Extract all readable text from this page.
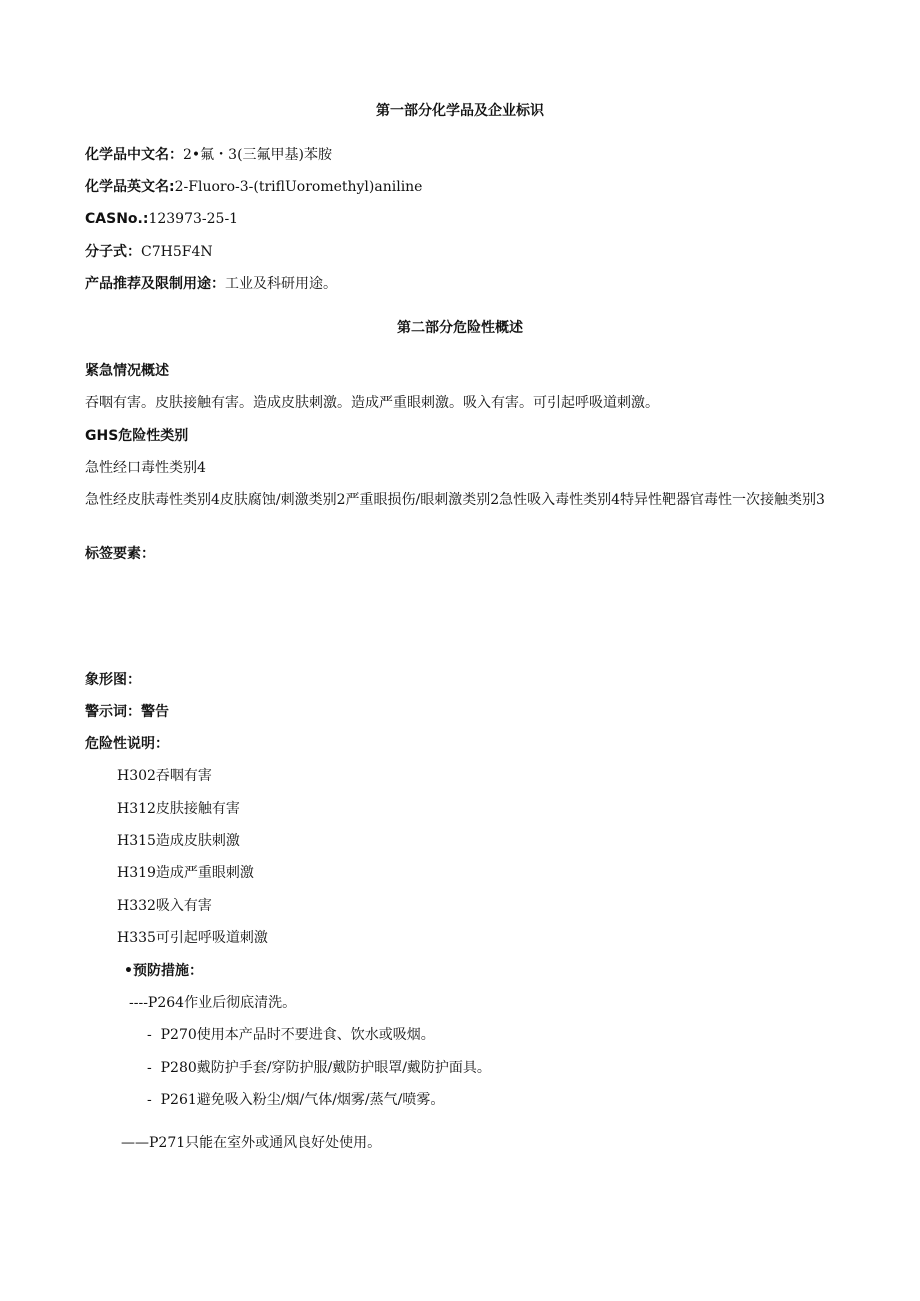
第一部分化学品及企业标识
化学品中文名：2•氟・3(三氟甲基)苯胺
化学品英文名:2-Fluoro-3-(triflUoromethyl)aniline
CASNo.:123973-25-1
分子式：C7H5F4N
产品推荐及限制用途：工业及科研用途。
第二部分危险性概述
紧急情况概述
吞咽有害。皮肤接触有害。造成皮肤刺激。造成严重眼刺激。吸入有害。可引起呼吸道刺激。
GHS危险性类别
急性经口毒性类别4
急性经皮肤毒性类别4皮肤腐蚀/刺激类别2严重眼损伤/眼刺激类别2急性吸入毒性类别4特异性靶器官毒性一次接触类别3
标签要素：
象形图：
警示词：警告
危险性说明：
H302吞咽有害
H312皮肤接触有害
H315造成皮肤刺激
H319造成严重眼刺激
H332吸入有害
H335可引起呼吸道刺激
•预防措施：
----P264作业后彻底清洗。
-  P270使用本产品时不要进食、饮水或吸烟。
-  P280戴防护手套/穿防护服/戴防护眼罩/戴防护面具。
-  P261避免吸入粉尘/烟/气体/烟雾/蒸气/喷雾。
——P271只能在室外或通风良好处使用。
